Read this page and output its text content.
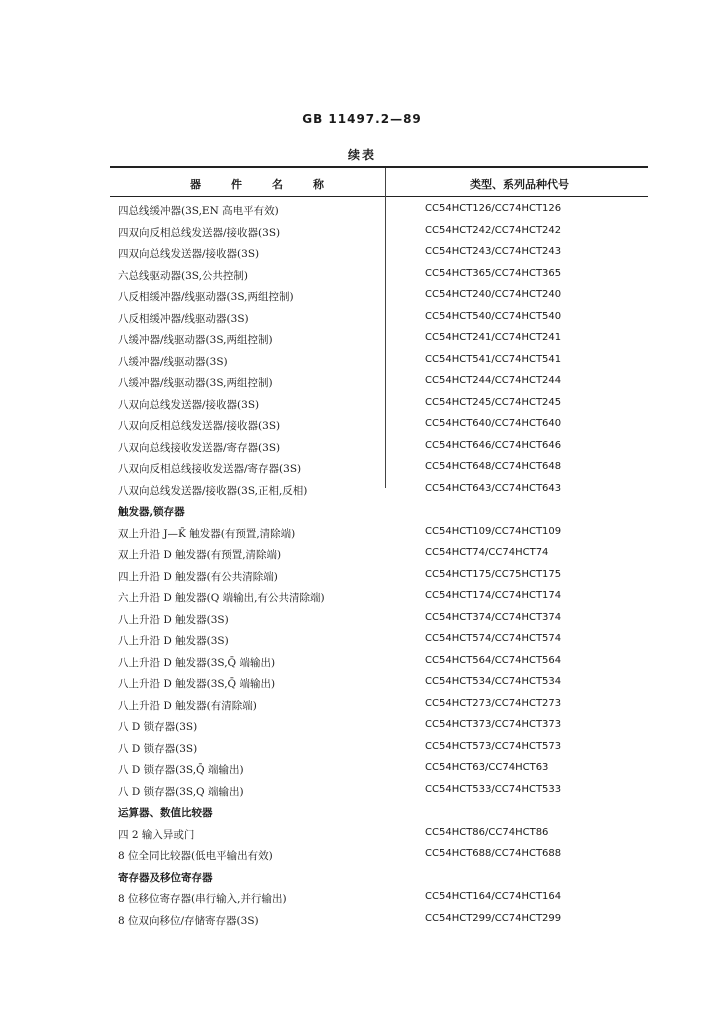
GB 11497.2—89
续表
器件名称	类型、系列品种代号
四总线缓冲器(3S,EN 高电平有效)	CC54HCT126/CC74HCT126
四双向反相总线发送器/接收器(3S)	CC54HCT242/CC74HCT242
四双向总线发送器/接收器(3S)	CC54HCT243/CC74HCT243
六总线驱动器(3S,公共控制)	CC54HCT365/CC74HCT365
八反相缓冲器/线驱动器(3S,两组控制)	CC54HCT240/CC74HCT240
八反相缓冲器/线驱动器(3S)	CC54HCT540/CC74HCT540
八缓冲器/线驱动器(3S,两组控制)	CC54HCT241/CC74HCT241
八缓冲器/线驱动器(3S)	CC54HCT541/CC74HCT541
八缓冲器/线驱动器(3S,两组控制)	CC54HCT244/CC74HCT244
八双向总线发送器/接收器(3S)	CC54HCT245/CC74HCT245
八双向反相总线发送器/接收器(3S)	CC54HCT640/CC74HCT640
八双向总线接收发送器/寄存器(3S)	CC54HCT646/CC74HCT646
八双向反相总线接收发送器/寄存器(3S)	CC54HCT648/CC74HCT648
八双向总线发送器/接收器(3S,正相,反相)	CC54HCT643/CC74HCT643
触发器,锁存器
双上升沿 J—K̄ 触发器(有预置,清除端)	CC54HCT109/CC74HCT109
双上升沿 D 触发器(有预置,清除端)	CC54HCT74/CC74HCT74
四上升沿 D 触发器(有公共清除端)	CC54HCT175/CC75HCT175
六上升沿 D 触发器(Q 端输出,有公共清除端)	CC54HCT174/CC74HCT174
八上升沿 D 触发器(3S)	CC54HCT374/CC74HCT374
八上升沿 D 触发器(3S)	CC54HCT574/CC74HCT574
八上升沿 D 触发器(3S,Q̄ 端输出)	CC54HCT564/CC74HCT564
八上升沿 D 触发器(3S,Q̄ 端输出)	CC54HCT534/CC74HCT534
八上升沿 D 触发器(有清除端)	CC54HCT273/CC74HCT273
八 D 锁存器(3S)	CC54HCT373/CC74HCT373
八 D 锁存器(3S)	CC54HCT573/CC74HCT573
八 D 锁存器(3S,Q̄ 端输出)	CC54HCT63/CC74HCT63
八 D 锁存器(3S,Q 端输出)	CC54HCT533/CC74HCT533
运算器、数值比较器
四 2 输入异或门	CC54HCT86/CC74HCT86
8 位全同比较器(低电平输出有效)	CC54HCT688/CC74HCT688
寄存器及移位寄存器
8 位移位寄存器(串行输入,并行输出)	CC54HCT164/CC74HCT164
8 位双向移位/存储寄存器(3S)	CC54HCT299/CC74HCT299
